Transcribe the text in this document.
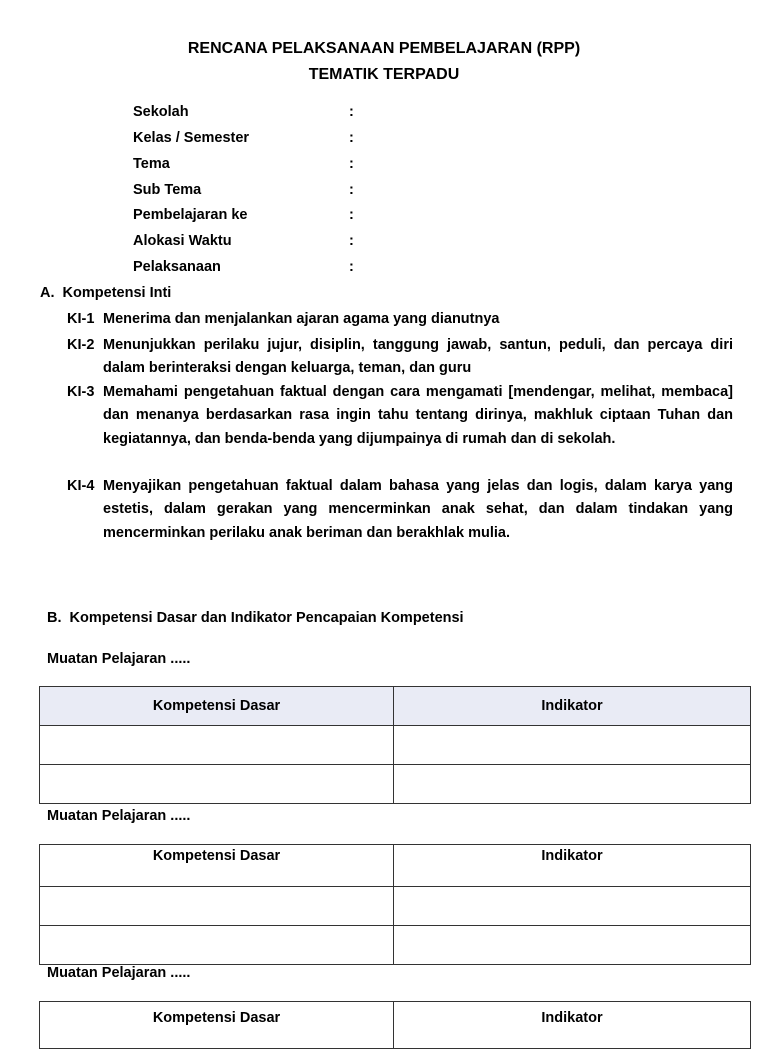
RENCANA PELAKSANAAN PEMBELAJARAN (RPP)
TEMATIK TERPADU
Sekolah	:
Kelas / Semester	:
Tema	:
Sub Tema	:
Pembelajaran ke	:
Alokasi Waktu	:
Pelaksanaan	:
A.  Kompetensi Inti
KI-1 Menerima dan menjalankan ajaran agama yang dianutnya
KI-2 Menunjukkan perilaku jujur, disiplin, tanggung jawab, santun, peduli, dan percaya diri dalam berinteraksi dengan keluarga, teman, dan guru
KI-3 Memahami pengetahuan faktual dengan cara mengamati [mendengar, melihat, membaca] dan menanya berdasarkan rasa ingin tahu tentang dirinya, makhluk ciptaan Tuhan dan kegiatannya, dan benda-benda yang dijumpainya di rumah dan di sekolah.
KI-4 Menyajikan pengetahuan faktual dalam bahasa yang jelas dan logis, dalam karya yang estetis, dalam gerakan yang mencerminkan anak sehat, dan dalam tindakan yang mencerminkan perilaku anak beriman dan berakhlak mulia.
B.  Kompetensi Dasar dan Indikator Pencapaian Kompetensi
Muatan Pelajaran .....
Kompetensi Dasar	Indikator

Muatan Pelajaran .....
Kompetensi Dasar	Indikator

Muatan Pelajaran .....
Kompetensi Dasar	Indikator
